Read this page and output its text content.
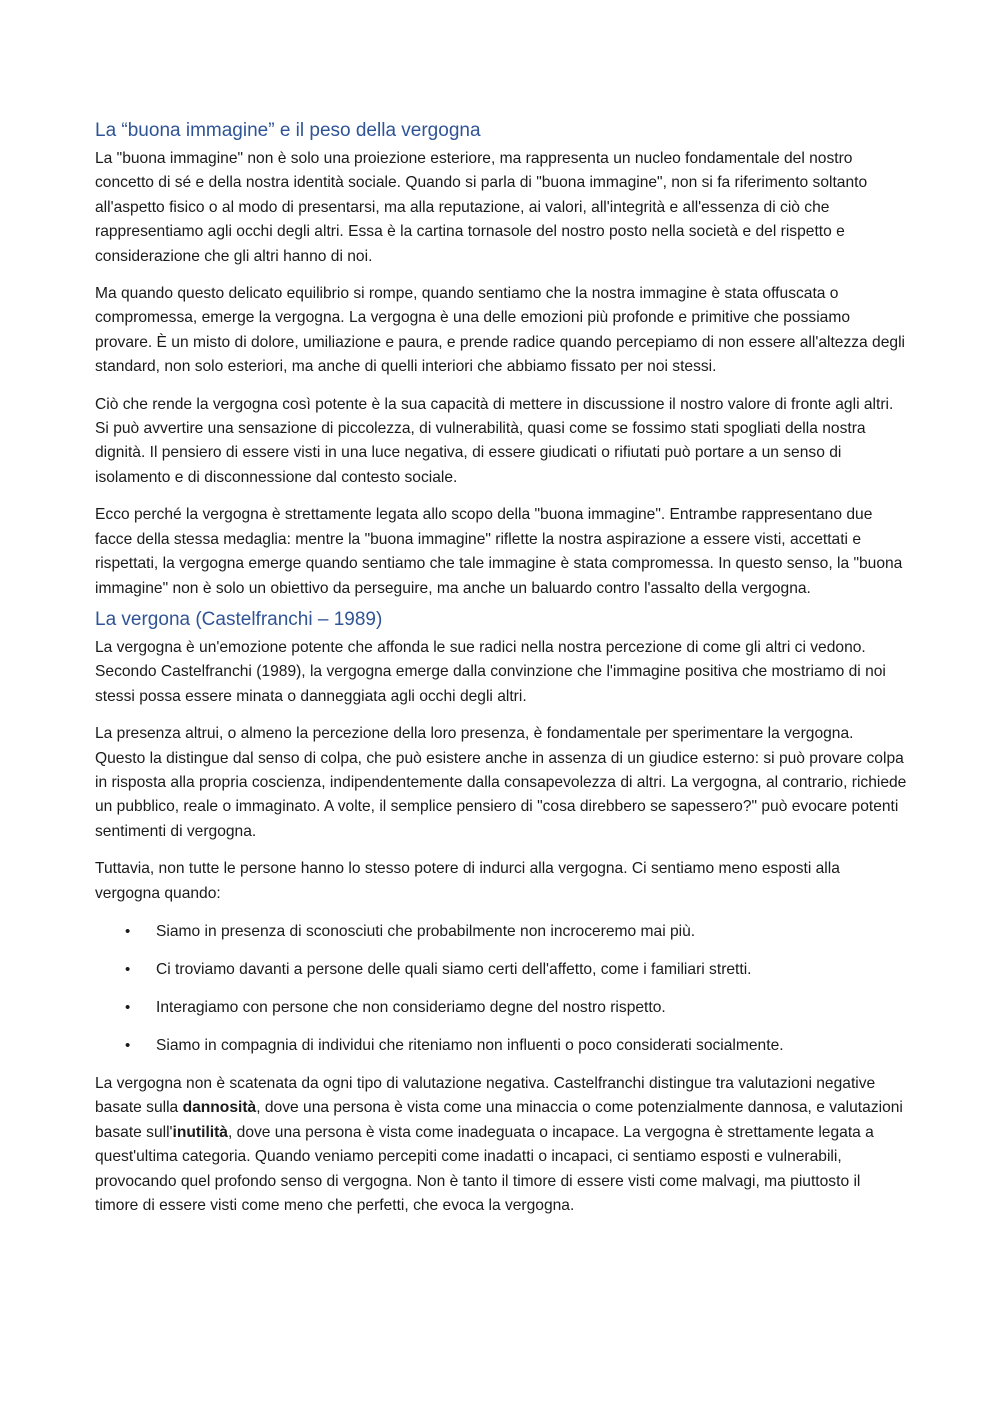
La “buona immagine” e il peso della vergogna

La "buona immagine" non è solo una proiezione esteriore, ma rappresenta un nucleo fondamentale del nostro concetto di sé e della nostra identità sociale. Quando si parla di "buona immagine", non si fa riferimento soltanto all'aspetto fisico o al modo di presentarsi, ma alla reputazione, ai valori, all'integrità e all'essenza di ciò che rappresentiamo agli occhi degli altri. Essa è la cartina tornasole del nostro posto nella società e del rispetto e considerazione che gli altri hanno di noi.

Ma quando questo delicato equilibrio si rompe, quando sentiamo che la nostra immagine è stata offuscata o compromessa, emerge la vergogna. La vergogna è una delle emozioni più profonde e primitive che possiamo provare. È un misto di dolore, umiliazione e paura, e prende radice quando percepiamo di non essere all'altezza degli standard, non solo esteriori, ma anche di quelli interiori che abbiamo fissato per noi stessi.

Ciò che rende la vergogna così potente è la sua capacità di mettere in discussione il nostro valore di fronte agli altri. Si può avvertire una sensazione di piccolezza, di vulnerabilità, quasi come se fossimo stati spogliati della nostra dignità. Il pensiero di essere visti in una luce negativa, di essere giudicati o rifiutati può portare a un senso di isolamento e di disconnessione dal contesto sociale.

Ecco perché la vergogna è strettamente legata allo scopo della "buona immagine". Entrambe rappresentano due facce della stessa medaglia: mentre la "buona immagine" riflette la nostra aspirazione a essere visti, accettati e rispettati, la vergogna emerge quando sentiamo che tale immagine è stata compromessa. In questo senso, la "buona immagine" non è solo un obiettivo da perseguire, ma anche un baluardo contro l'assalto della vergogna.

La vergona (Castelfranchi – 1989)

La vergogna è un'emozione potente che affonda le sue radici nella nostra percezione di come gli altri ci vedono. Secondo Castelfranchi (1989), la vergogna emerge dalla convinzione che l'immagine positiva che mostriamo di noi stessi possa essere minata o danneggiata agli occhi degli altri.

La presenza altrui, o almeno la percezione della loro presenza, è fondamentale per sperimentare la vergogna. Questo la distingue dal senso di colpa, che può esistere anche in assenza di un giudice esterno: si può provare colpa in risposta alla propria coscienza, indipendentemente dalla consapevolezza di altri. La vergogna, al contrario, richiede un pubblico, reale o immaginato. A volte, il semplice pensiero di "cosa direbbero se sapessero?" può evocare potenti sentimenti di vergogna.

Tuttavia, non tutte le persone hanno lo stesso potere di indurci alla vergogna. Ci sentiamo meno esposti alla vergogna quando:

• Siamo in presenza di sconosciuti che probabilmente non incroceremo mai più.
• Ci troviamo davanti a persone delle quali siamo certi dell'affetto, come i familiari stretti.
• Interagiamo con persone che non consideriamo degne del nostro rispetto.
• Siamo in compagnia di individui che riteniamo non influenti o poco considerati socialmente.

La vergogna non è scatenata da ogni tipo di valutazione negativa. Castelfranchi distingue tra valutazioni negative basate sulla dannosità, dove una persona è vista come una minaccia o come potenzialmente dannosa, e valutazioni basate sull'inutilità, dove una persona è vista come inadeguata o incapace. La vergogna è strettamente legata a quest'ultima categoria. Quando veniamo percepiti come inadatti o incapaci, ci sentiamo esposti e vulnerabili, provocando quel profondo senso di vergogna. Non è tanto il timore di essere visti come malvagi, ma piuttosto il timore di essere visti come meno che perfetti, che evoca la vergogna.
